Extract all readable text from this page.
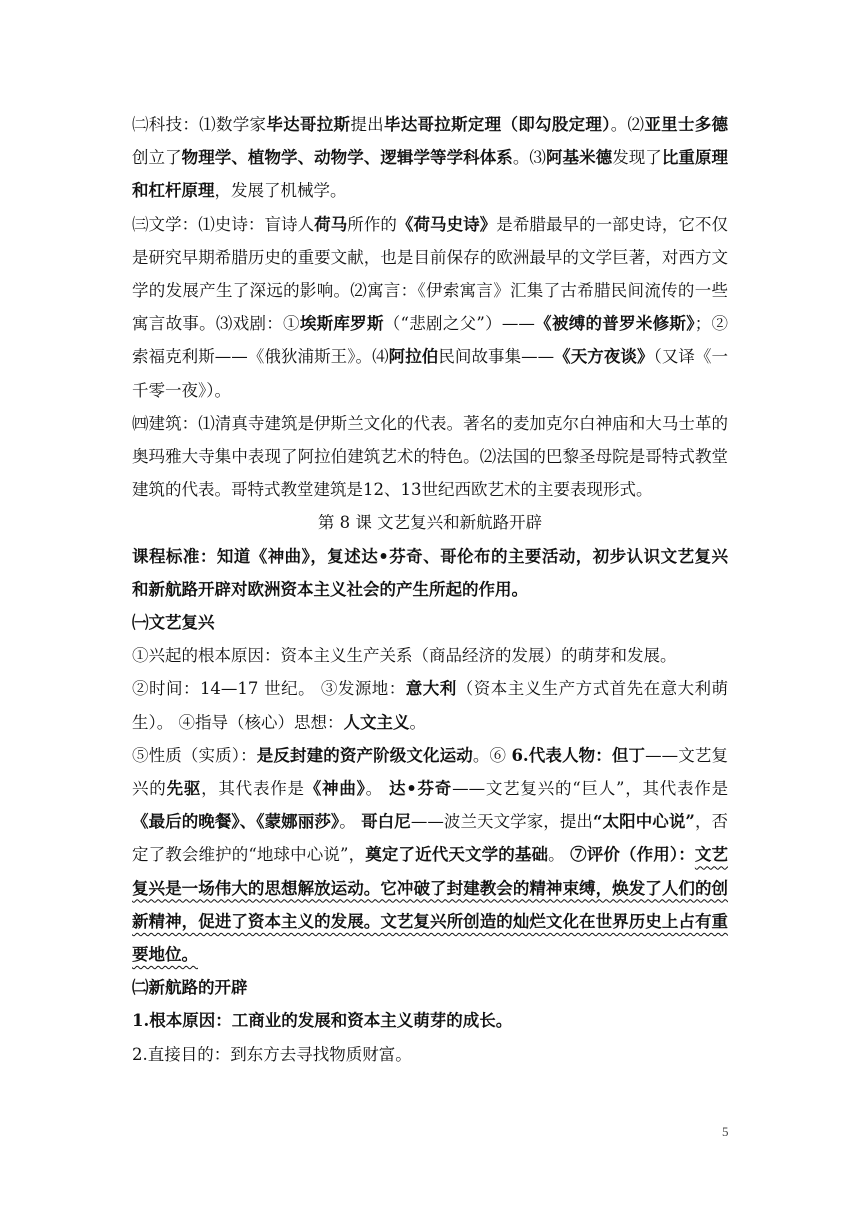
㈡科技：⑴数学家毕达哥拉斯提出毕达哥拉斯定理（即勾股定理）。⑵亚里士多德创立了物理学、植物学、动物学、逻辑学等学科体系。⑶阿基米德发现了比重原理和杠杆原理，发展了机械学。

㈢文学：⑴史诗：盲诗人荷马所作的《荷马史诗》是希腊最早的一部史诗，它不仅是研究早期希腊历史的重要文献，也是目前保存的欧洲最早的文学巨著，对西方文学的发展产生了深远的影响。⑵寓言：《伊索寓言》汇集了古希腊民间流传的一些寓言故事。⑶戏剧：①埃斯库罗斯（“悲剧之父”）——《被缚的普罗米修斯》；②索福克利斯——《俄狄浦斯王》。⑷阿拉伯民间故事集——《天方夜谈》（又译《一千零一夜》）。

㈣建筑：⑴清真寺建筑是伊斯兰文化的代表。著名的麦加克尔白神庙和大马士革的奥玛雅大寺集中表现了阿拉伯建筑艺术的特色。⑵法国的巴黎圣母院是哥特式教堂建筑的代表。哥特式教堂建筑是12、13世纪西欧艺术的主要表现形式。

第 8 课 文艺复兴和新航路开辟

课程标准：知道《神曲》，复述达•芬奇、哥伦布的主要活动，初步认识文艺复兴和新航路开辟对欧洲资本主义社会的产生所起的作用。

㈠文艺复兴

①兴起的根本原因：资本主义生产关系（商品经济的发展）的萌芽和发展。

②时间：14—17 世纪。 ③发源地：意大利（资本主义生产方式首先在意大利萌生）。 ④指导（核心）思想：人文主义。

⑤性质（实质）：是反封建的资产阶级文化运动。⑥ 6.代表人物：但丁——文艺复兴的先驱，其代表作是《神曲》。 达•芬奇——文艺复兴的“巨人”，其代表作是《最后的晚餐》、《蒙娜丽莎》。 哥白尼——波兰天文学家，提出“太阳中心说”，否定了教会维护的“地球中心说”，奠定了近代天文学的基础。 ⑦评价（作用）：文艺复兴是一场伟大的思想解放运动。它冲破了封建教会的精神束缚，焕发了人们的创新精神，促进了资本主义的发展。文艺复兴所创造的灿烂文化在世界历史上占有重要地位。

㈡新航路的开辟

1.根本原因：工商业的发展和资本主义萌芽的成长。

2.直接目的：到东方去寻找物质财富。

5
